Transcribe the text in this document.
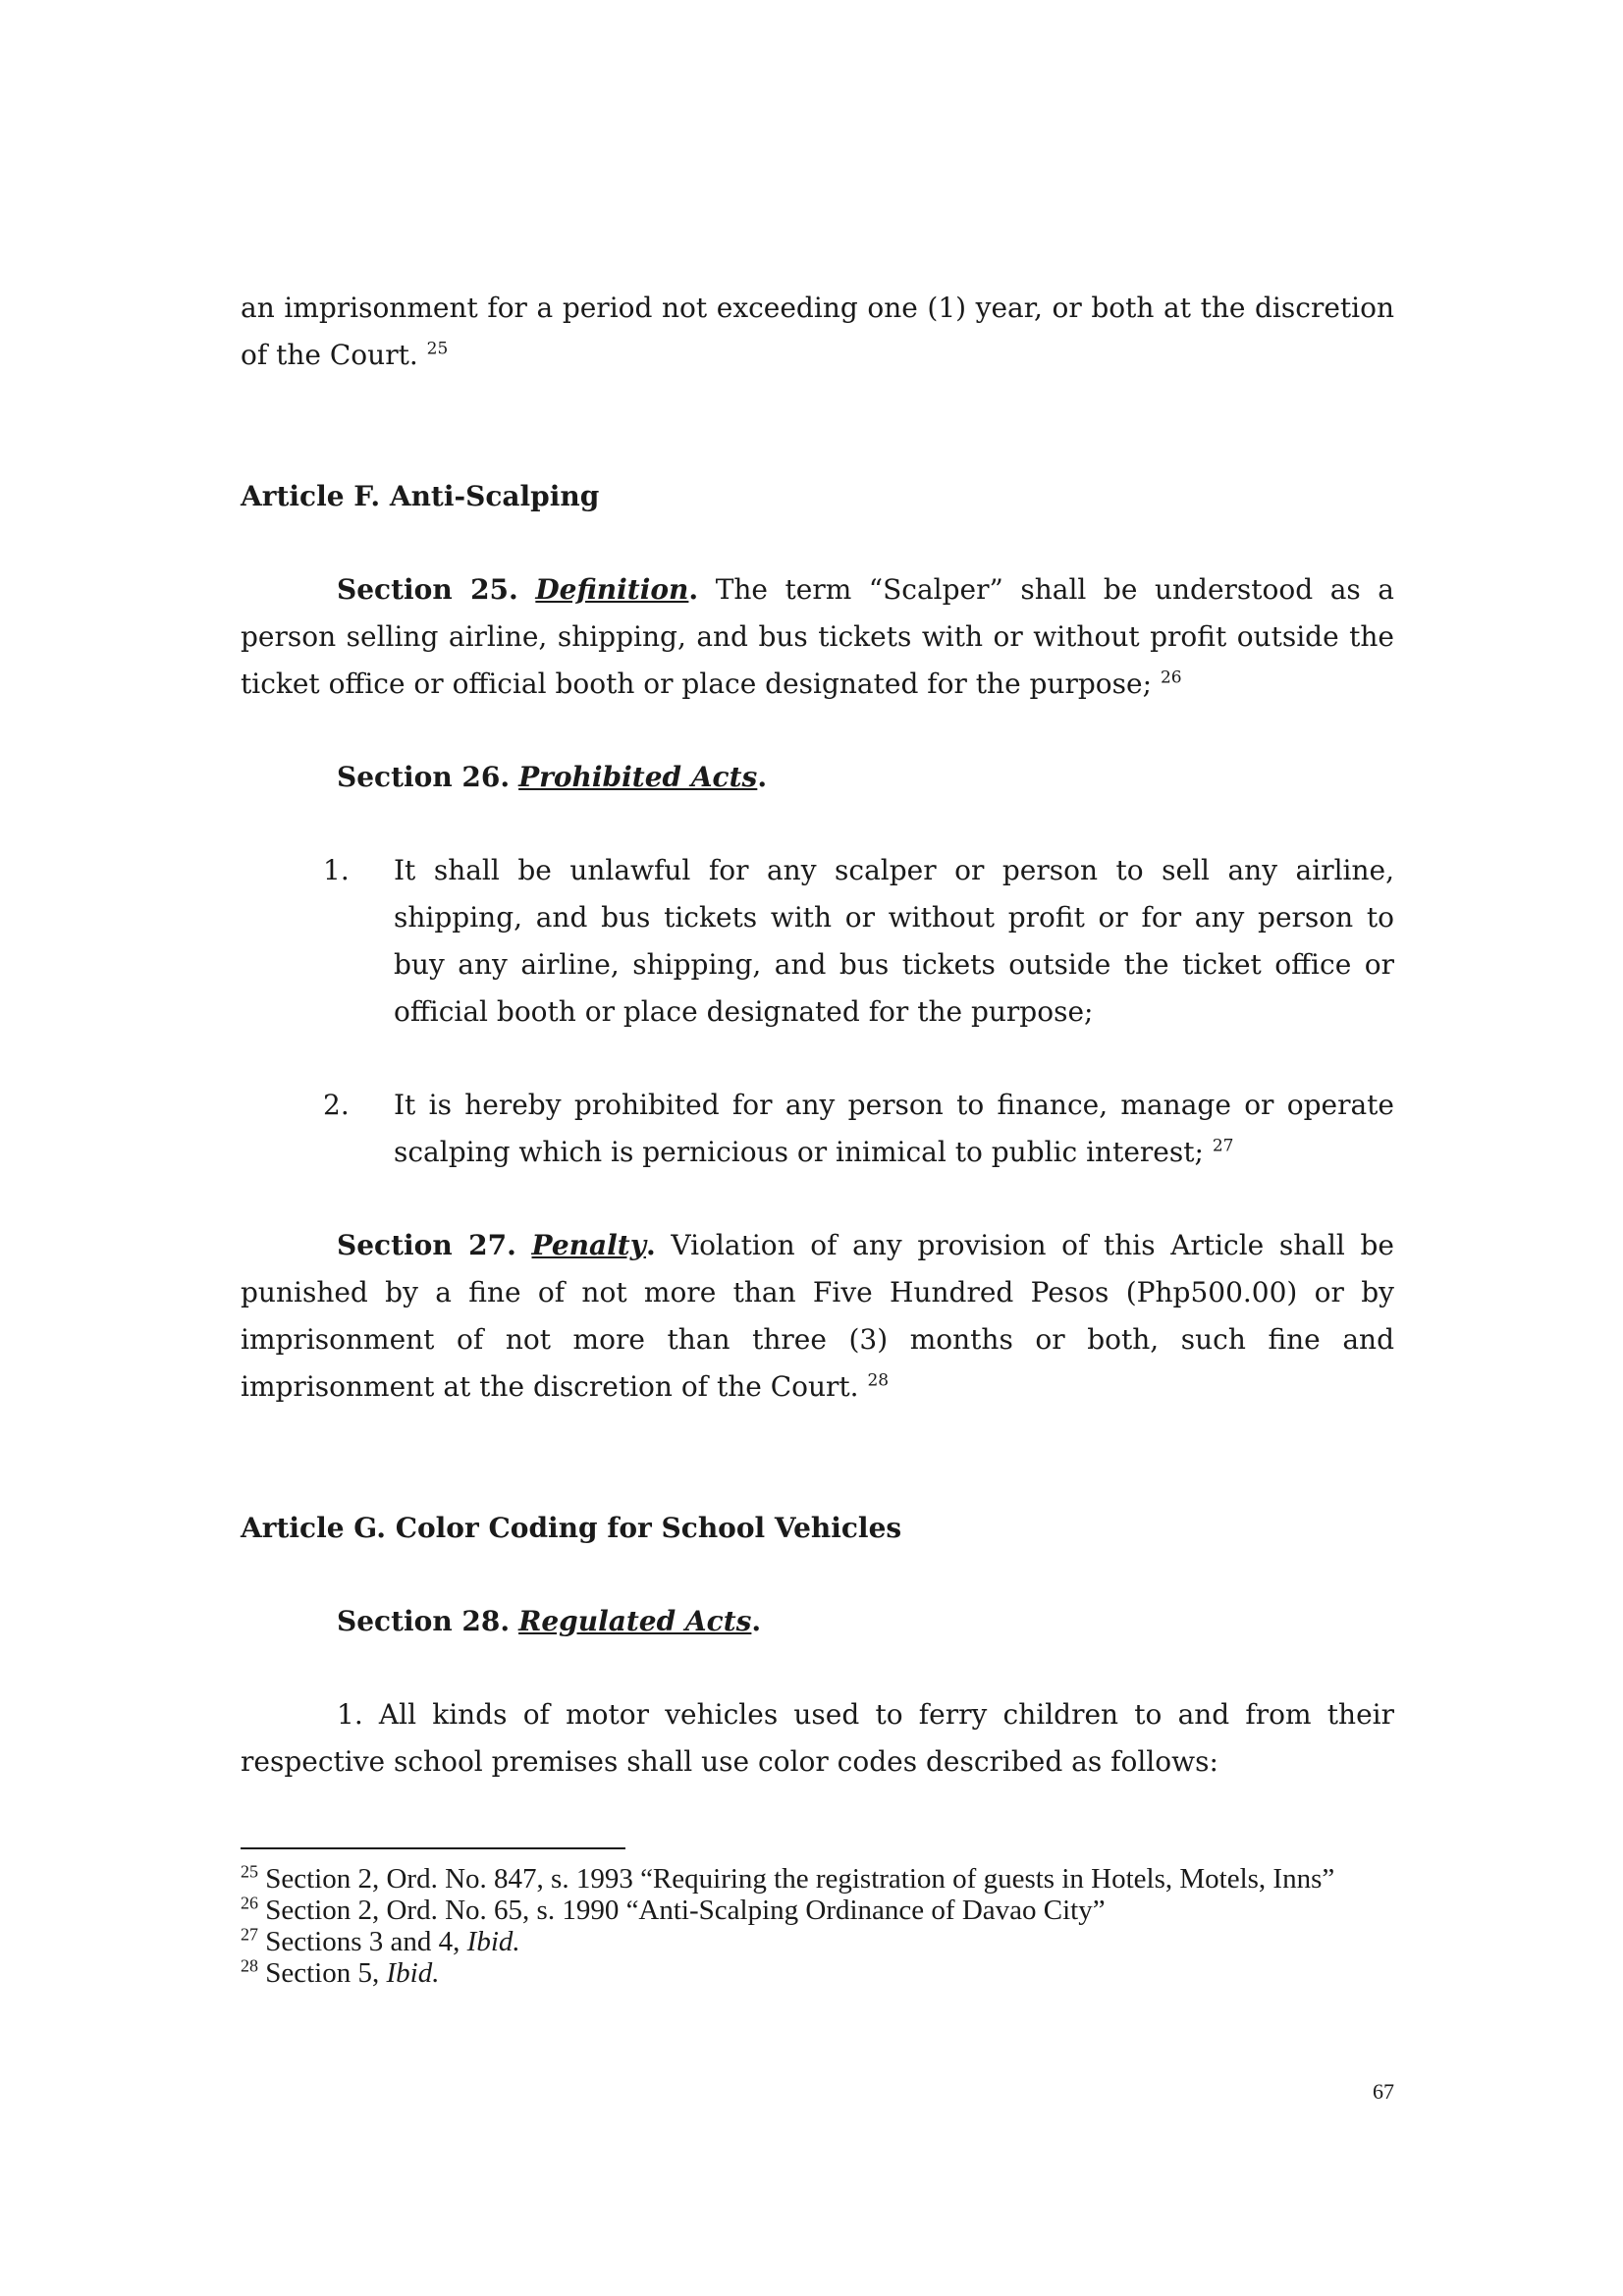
an imprisonment for a period not exceeding one (1) year, or both at the discretion of the Court. $^{25}$

Article F. Anti-Scalping

Section 25. Definition. The term “Scalper” shall be understood as a person selling airline, shipping, and bus tickets with or without profit outside the ticket office or official booth or place designated for the purpose; $^{26}$

Section 26. Prohibited Acts.

1. It shall be unlawful for any scalper or person to sell any airline, shipping, and bus tickets with or without profit or for any person to buy any airline, shipping, and bus tickets outside the ticket office or official booth or place designated for the purpose;
2. It is hereby prohibited for any person to finance, manage or operate scalping which is pernicious or inimical to public interest; $^{27}$

Section 27. Penalty. Violation of any provision of this Article shall be punished by a fine of not more than Five Hundred Pesos (Php500.00) or by imprisonment of not more than three (3) months or both, such fine and imprisonment at the discretion of the Court. $^{28}$

Article G. Color Coding for School Vehicles

Section 28. Regulated Acts.

1. All kinds of motor vehicles used to ferry children to and from their respective school premises shall use color codes described as follows:

$^{25}$ Section 2, Ord. No. 847, s. 1993 “Requiring the registration of guests in Hotels, Motels, Inns”

$^{26}$ Section 2, Ord. No. 65, s. 1990 “Anti-Scalping Ordinance of Davao City”

$^{27}$ Sections 3 and 4, Ibid.

$^{28}$ Section 5, Ibid.

67
